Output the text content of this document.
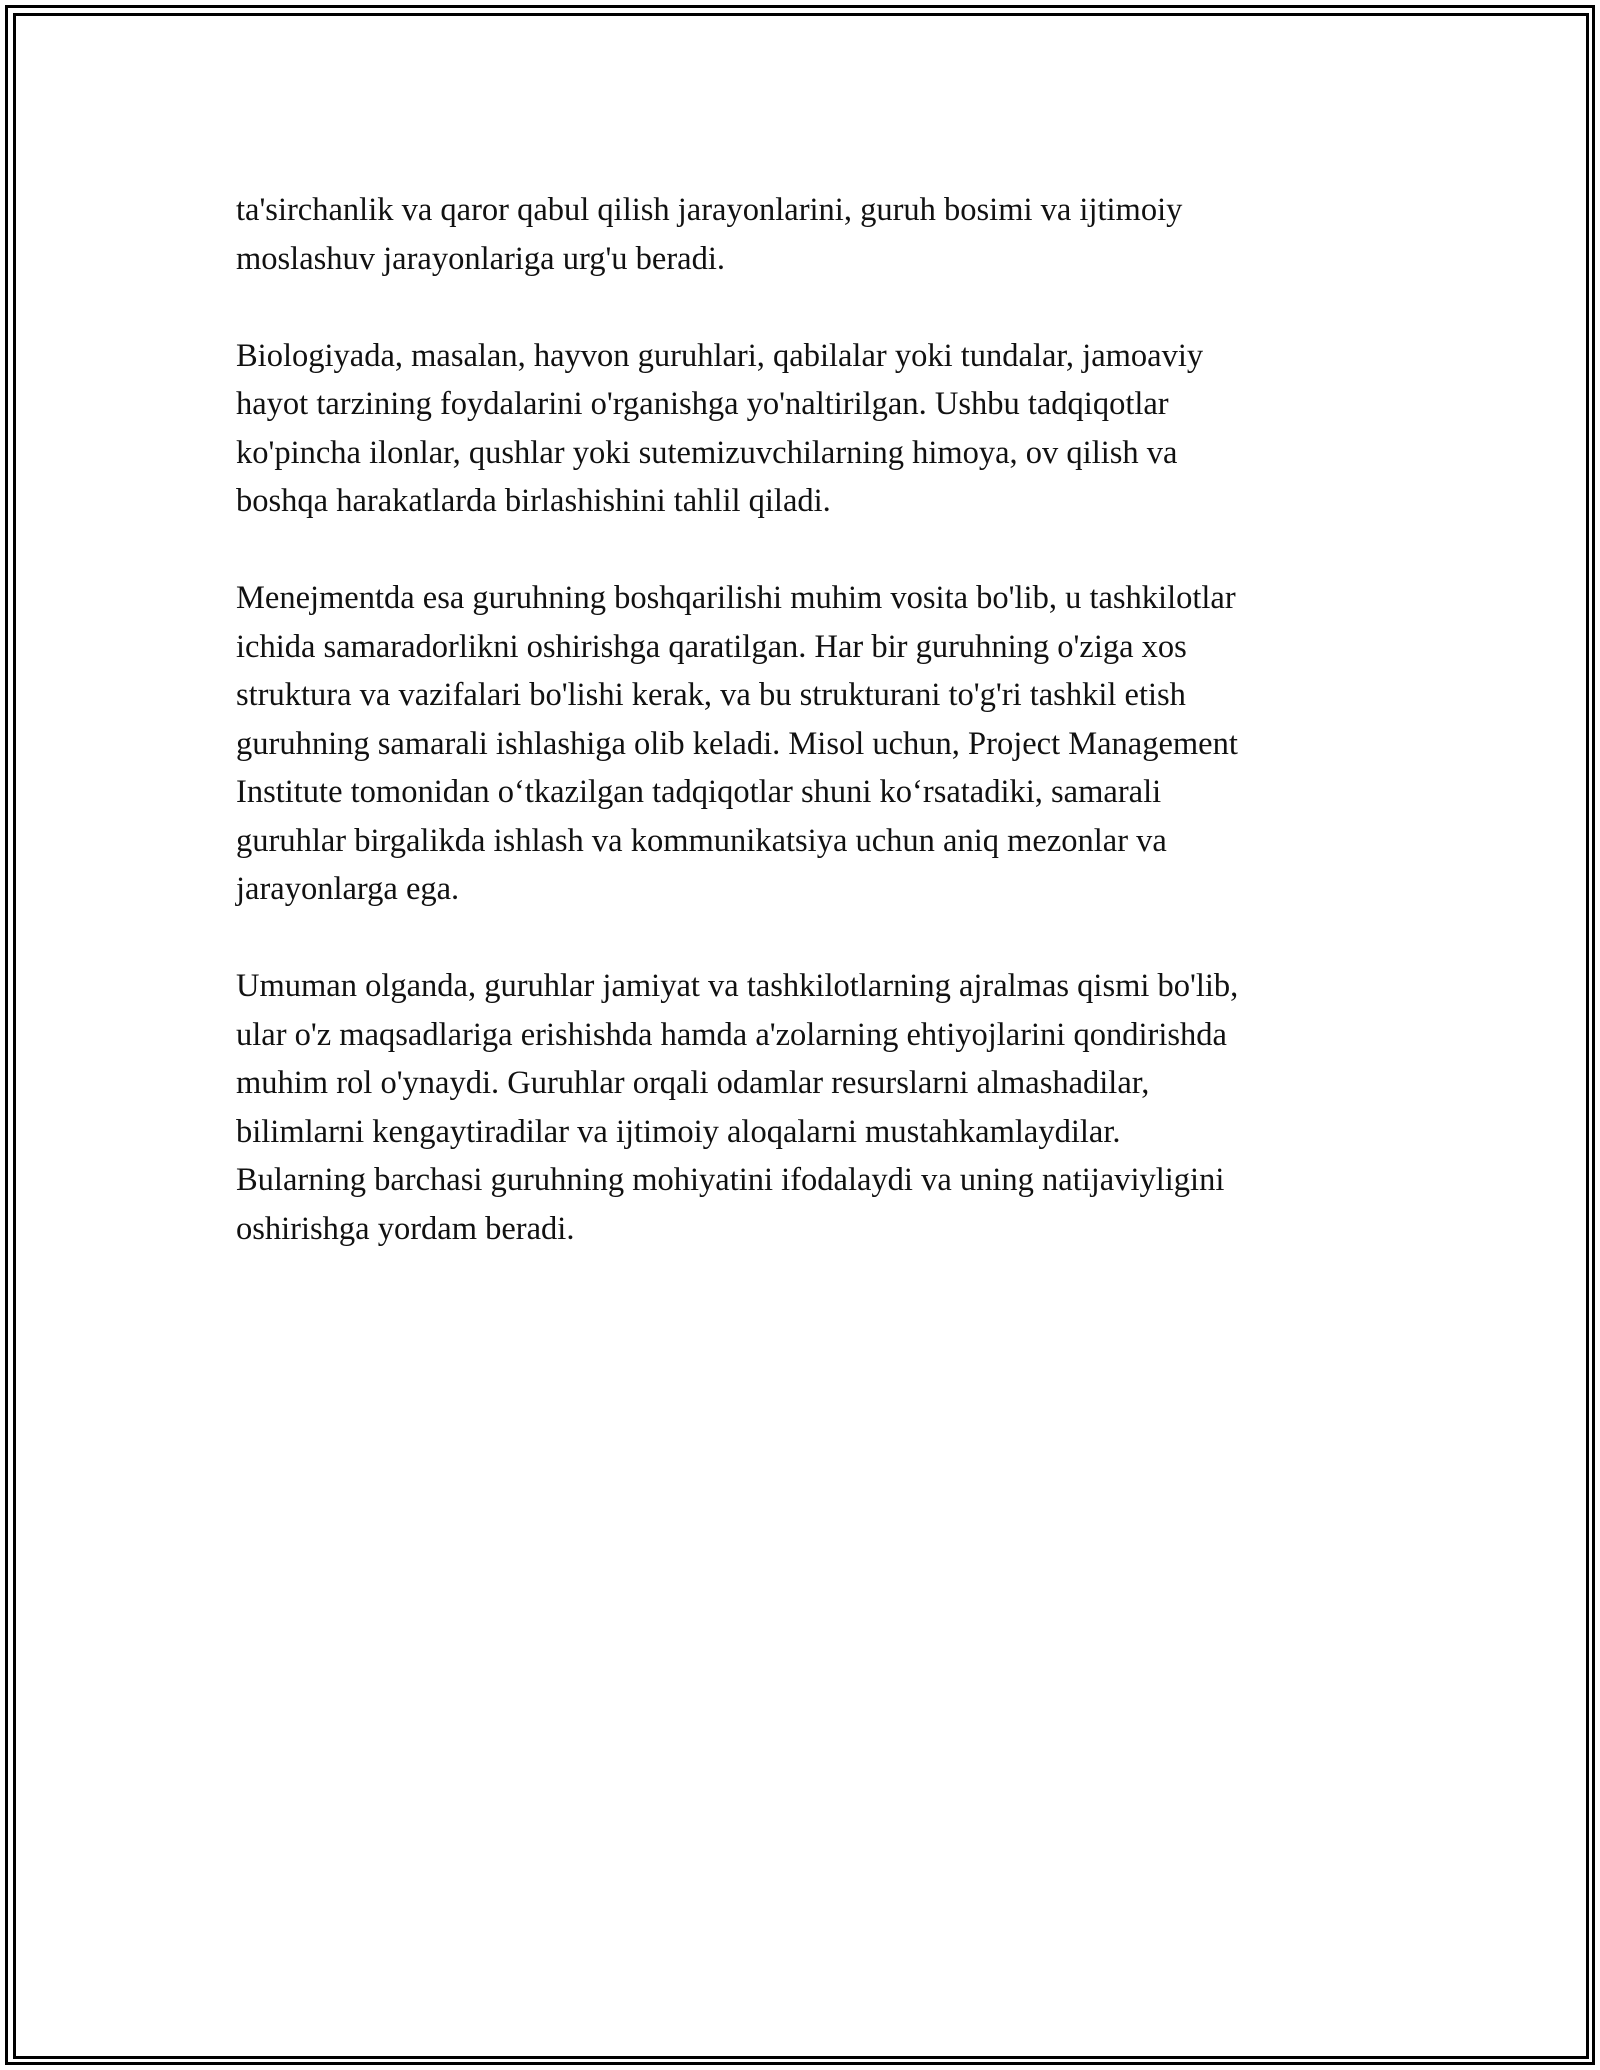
ta'sirchanlik va qaror qabul qilish jarayonlarini, guruh bosimi va ijtimoiy
moslashuv jarayonlariga urg'u beradi.
Biologiyada, masalan, hayvon guruhlari, qabilalar yoki tundalar, jamoaviy
hayot tarzining foydalarini o'rganishga yo'naltirilgan. Ushbu tadqiqotlar
ko'pincha ilonlar, qushlar yoki sutemizuvchilarning himoya, ov qilish va
boshqa harakatlarda birlashishini tahlil qiladi.
Menejmentda esa guruhning boshqarilishi muhim vosita bo'lib, u tashkilotlar
ichida samaradorlikni oshirishga qaratilgan. Har bir guruhning o'ziga xos
struktura va vazifalari bo'lishi kerak, va bu strukturani to'g'ri tashkil etish
guruhning samarali ishlashiga olib keladi. Misol uchun, Project Management
Institute tomonidan o‘tkazilgan tadqiqotlar shuni ko‘rsatadiki, samarali
guruhlar birgalikda ishlash va kommunikatsiya uchun aniq mezonlar va
jarayonlarga ega.
Umuman olganda, guruhlar jamiyat va tashkilotlarning ajralmas qismi bo'lib,
ular o'z maqsadlariga erishishda hamda a'zolarning ehtiyojlarini qondirishda
muhim rol o'ynaydi. Guruhlar orqali odamlar resurslarni almashadilar,
bilimlarni kengaytiradilar va ijtimoiy aloqalarni mustahkamlaydilar.
Bularning barchasi guruhning mohiyatini ifodalaydi va uning natijaviyligini
oshirishga yordam beradi.
